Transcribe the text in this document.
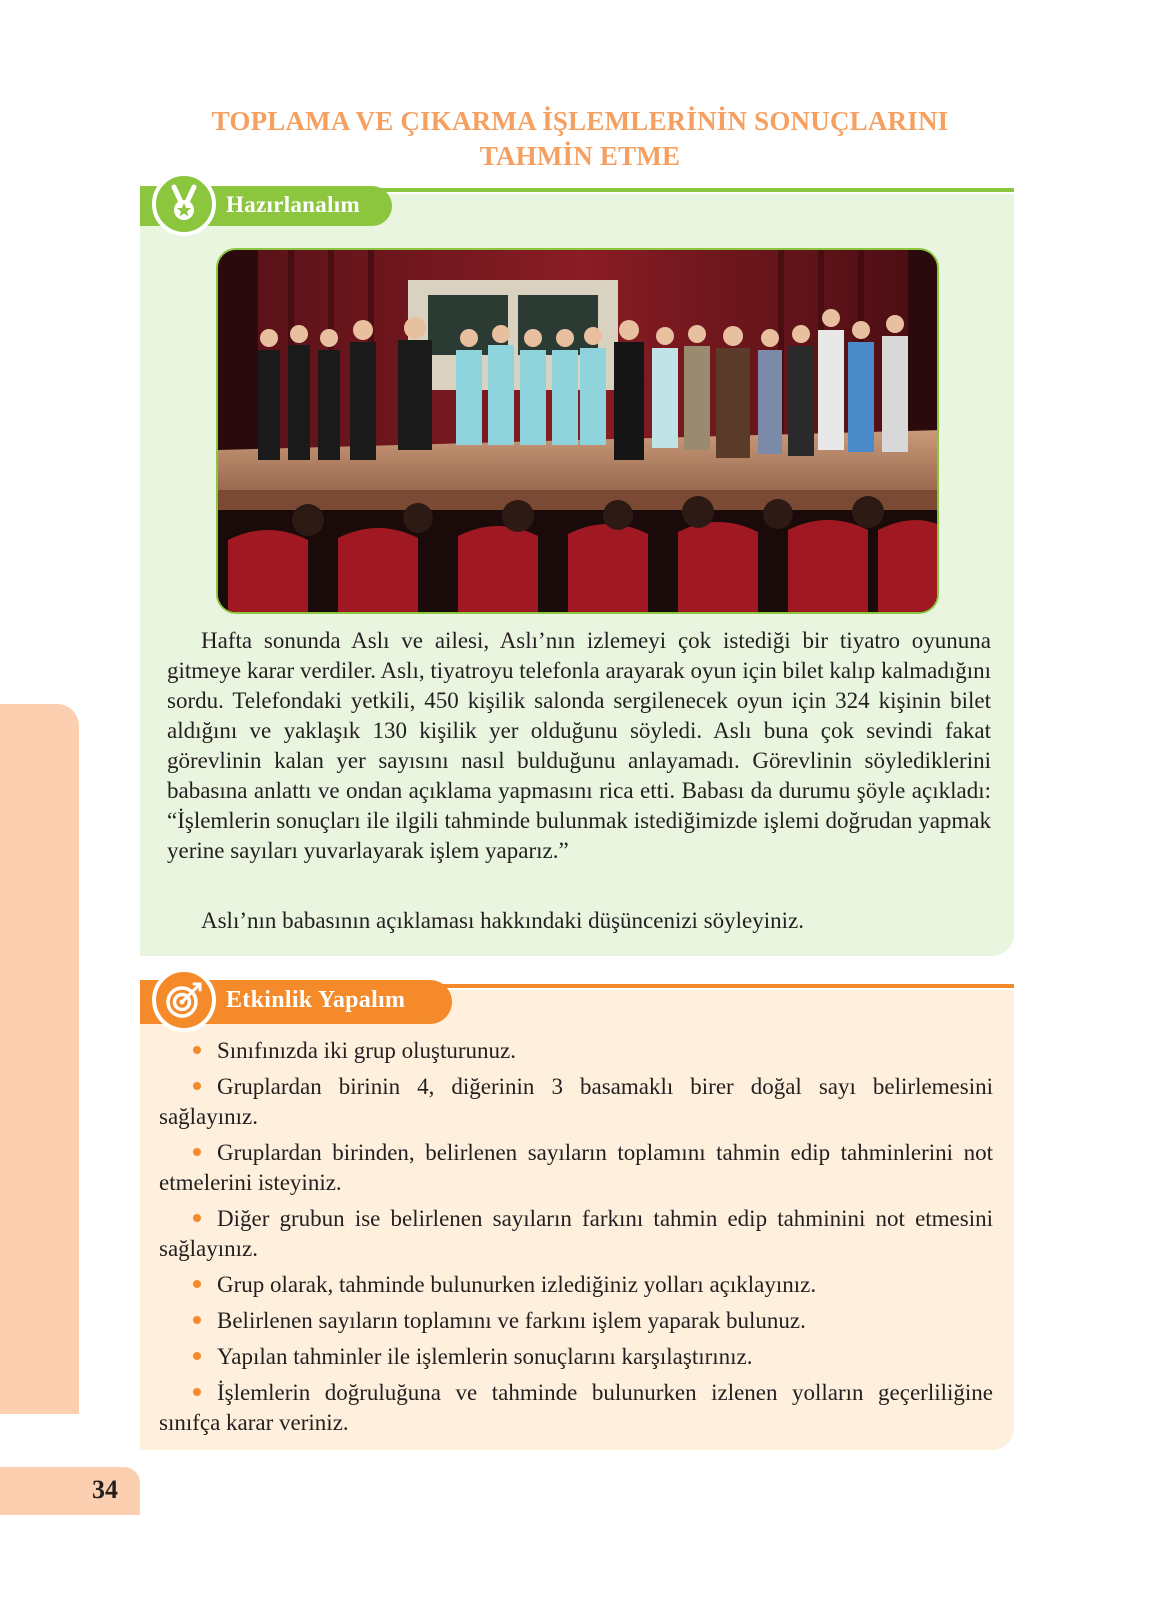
TOPLAMA VE ÇIKARMA İŞLEMLERİNİN SONUÇLARINI
TAHMİN ETME
Hazırlanalım
Hafta sonunda Aslı ve ailesi, Aslı’nın izlemeyi çok istediği bir tiyatro oyununa gitmeye karar verdiler. Aslı, tiyatroyu telefonla arayarak oyun için bilet kalıp kalmadığını sordu. Telefondaki yetkili, 450 kişilik salonda sergilenecek oyun için 324 kişinin bilet aldığını ve yaklaşık 130 kişilik yer olduğunu söyledi. Aslı buna çok sevindi fakat görevlinin kalan yer sayısını nasıl bulduğunu anlayamadı. Görevlinin söylediklerini babasına anlattı ve ondan açıklama yapmasını rica etti. Babası da durumu şöyle açıkladı: “İşlemlerin sonuçları ile ilgili tahminde bulunmak istediğimizde işlemi doğrudan yapmak yerine sayıları yuvarlayarak işlem yaparız.”
Aslı’nın babasının açıklaması hakkındaki düşüncenizi söyleyiniz.
Etkinlik Yapalım
Sınıfınızda iki grup oluşturunuz.
Gruplardan birinin 4, diğerinin 3 basamaklı birer doğal sayı belirlemesini sağlayınız.
Gruplardan birinden, belirlenen sayıların toplamını tahmin edip tahminlerini not etmelerini isteyiniz.
Diğer grubun ise belirlenen sayıların farkını tahmin edip tahminini not etmesini sağlayınız.
Grup olarak, tahminde bulunurken izlediğiniz yolları açıklayınız.
Belirlenen sayıların toplamını ve farkını işlem yaparak bulunuz.
Yapılan tahminler ile işlemlerin sonuçlarını karşılaştırınız.
İşlemlerin doğruluğuna ve tahminde bulunurken izlenen yolların geçerliliğine sınıfça karar veriniz.
34
